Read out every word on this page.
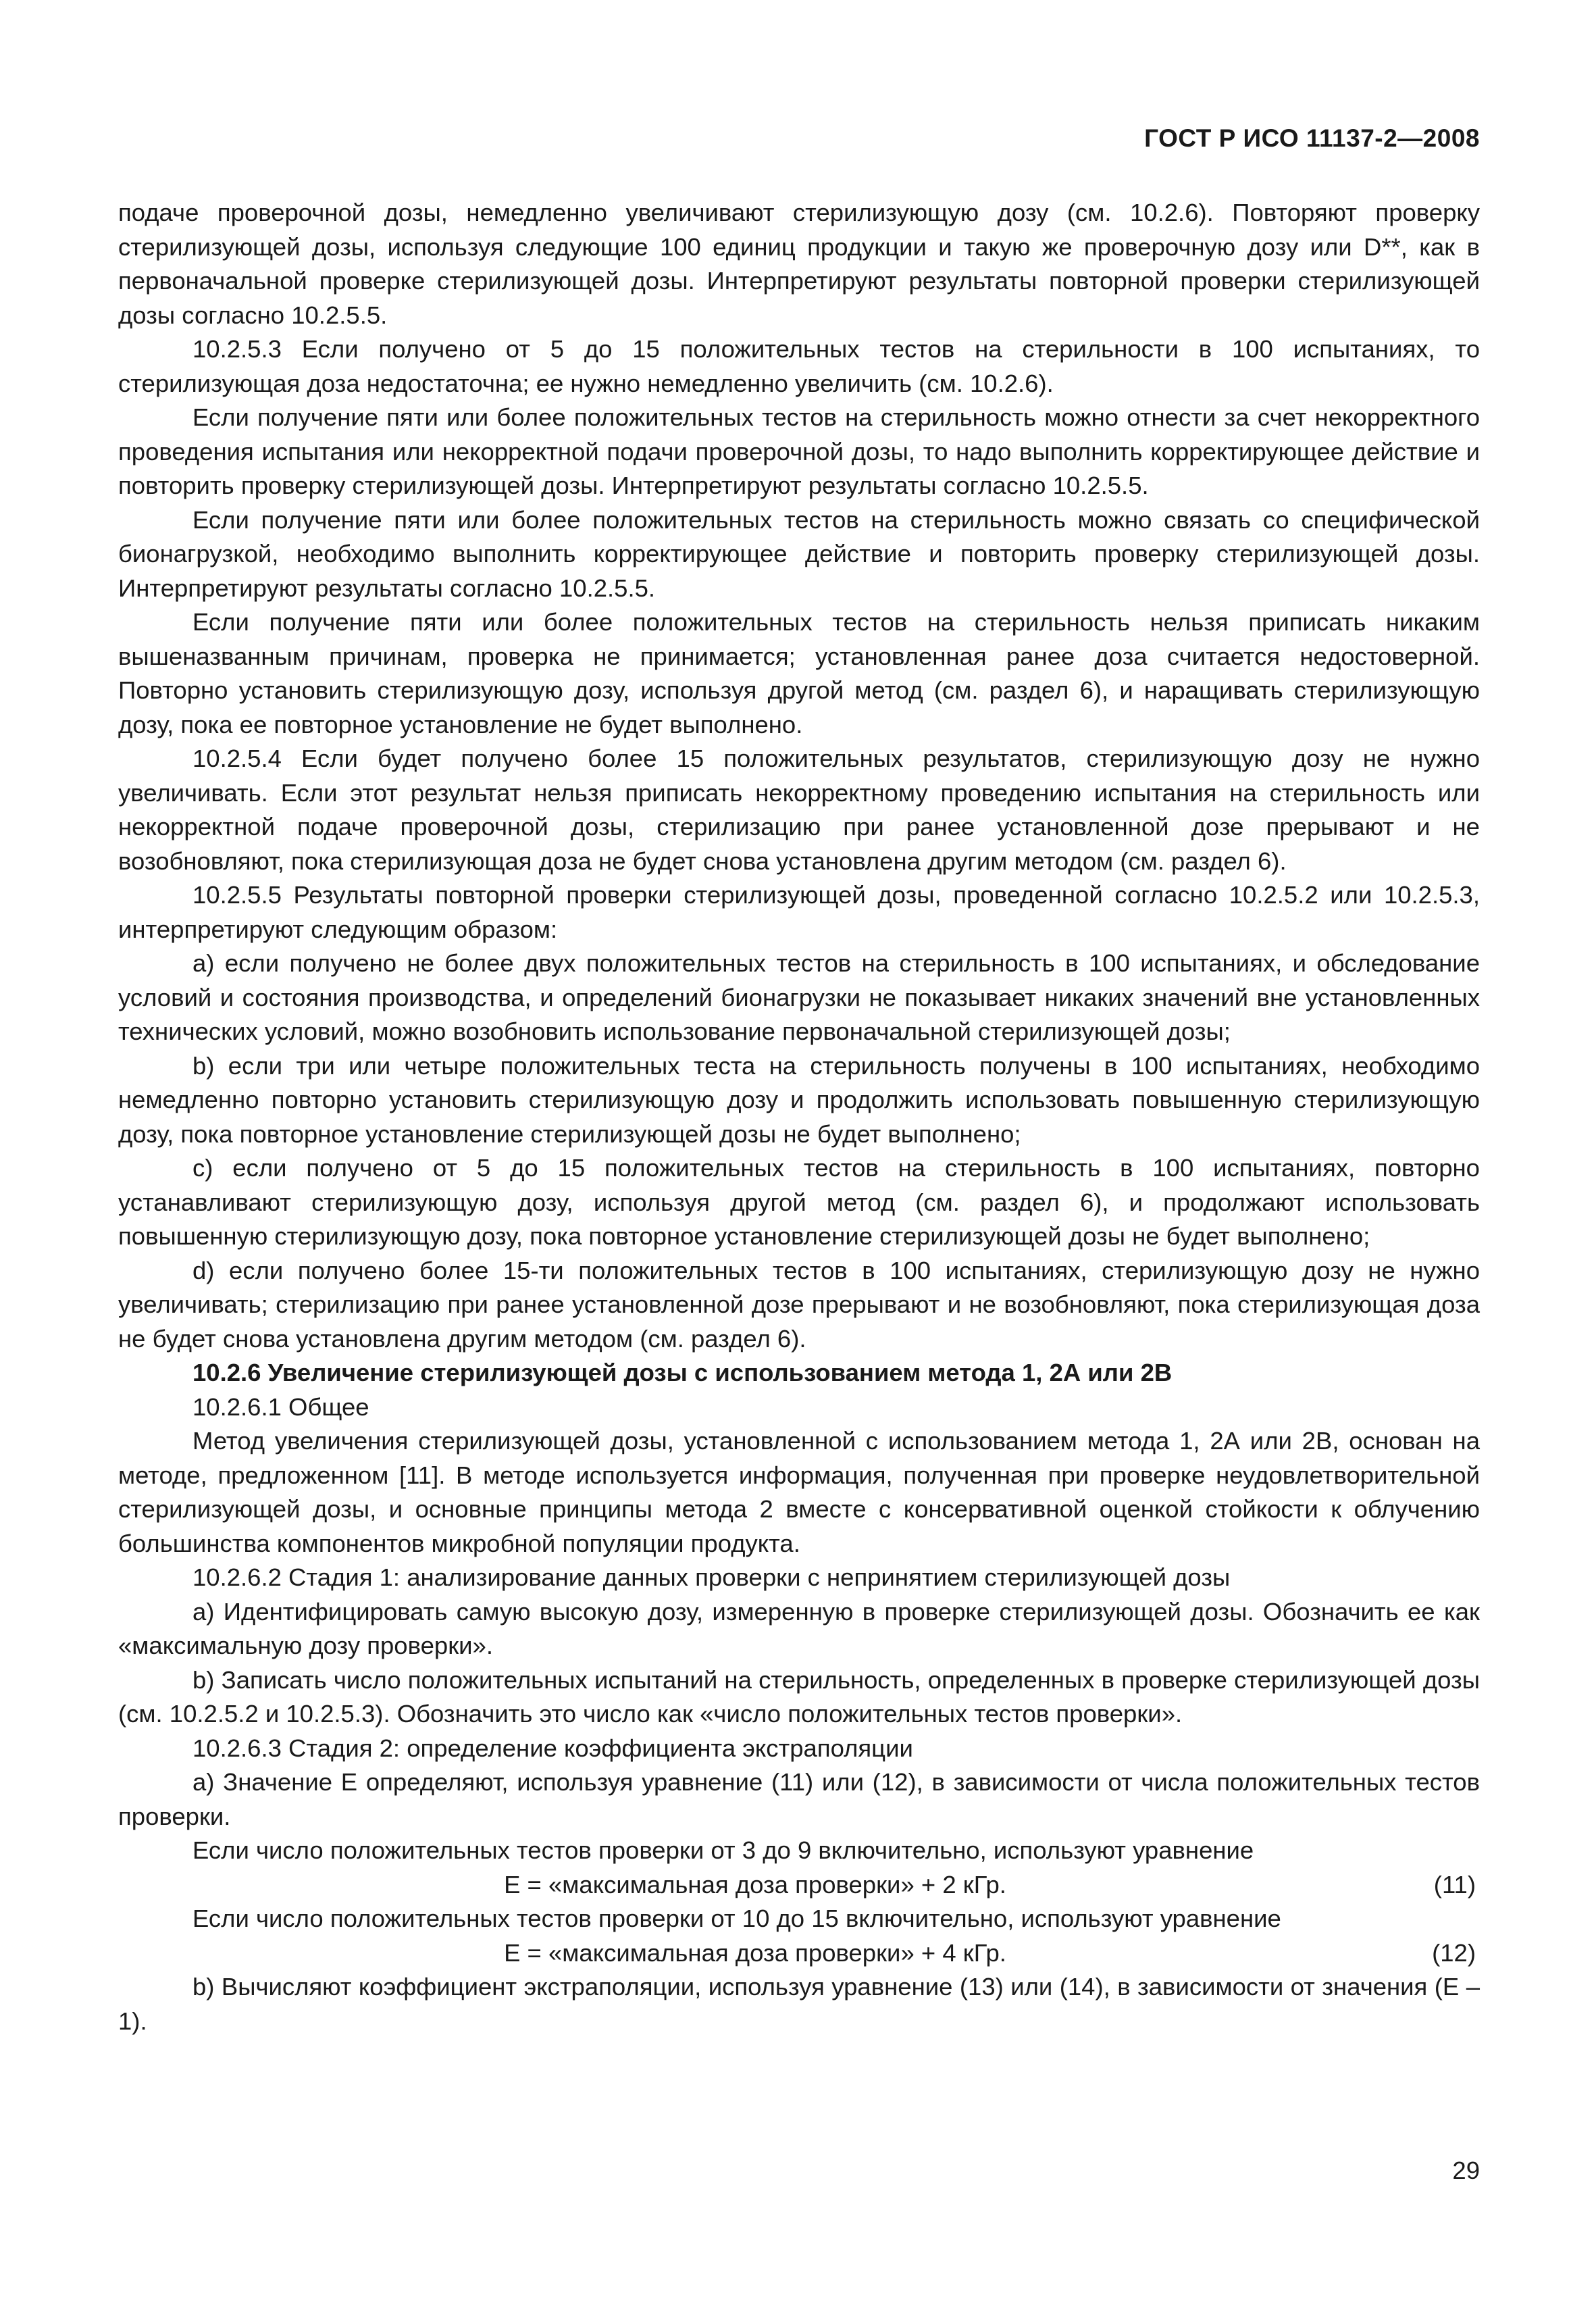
ГОСТ Р ИСО 11137-2—2008

подаче проверочной дозы, немедленно увеличивают стерилизующую дозу (см. 10.2.6). Повторяют проверку стерилизующей дозы, используя следующие 100 единиц продукции и такую же проверочную дозу или D**, как в первоначальной проверке стерилизующей дозы. Интерпретируют результаты повторной проверки стерилизующей дозы согласно 10.2.5.5.

10.2.5.3 Если получено от 5 до 15 положительных тестов на стерильности в 100 испытаниях, то стерилизующая доза недостаточна; ее нужно немедленно увеличить (см. 10.2.6).

Если получение пяти или более положительных тестов на стерильность можно отнести за счет некорректного проведения испытания или некорректной подачи проверочной дозы, то надо выполнить корректирующее действие и повторить проверку стерилизующей дозы. Интерпретируют результаты согласно 10.2.5.5.

Если получение пяти или более положительных тестов на стерильность можно связать со специфической бионагрузкой, необходимо выполнить корректирующее действие и повторить проверку стерилизующей дозы. Интерпретируют результаты согласно 10.2.5.5.

Если получение пяти или более положительных тестов на стерильность нельзя приписать никаким вышеназванным причинам, проверка не принимается; установленная ранее доза считается недостоверной. Повторно установить стерилизующую дозу, используя другой метод (см. раздел 6), и наращивать стерилизующую дозу, пока ее повторное установление не будет выполнено.

10.2.5.4 Если будет получено более 15 положительных результатов, стерилизующую дозу не нужно увеличивать. Если этот результат нельзя приписать некорректному проведению испытания на стерильность или некорректной подаче проверочной дозы, стерилизацию при ранее установленной дозе прерывают и не возобновляют, пока стерилизующая доза не будет снова установлена другим методом (см. раздел 6).

10.2.5.5 Результаты повторной проверки стерилизующей дозы, проведенной согласно 10.2.5.2 или 10.2.5.3, интерпретируют следующим образом:

a) если получено не более двух положительных тестов на стерильность в 100 испытаниях, и обследование условий и состояния производства, и определений бионагрузки не показывает никаких значений вне установленных технических условий, можно возобновить использование первоначальной стерилизующей дозы;

b) если три или четыре положительных теста на стерильность получены в 100 испытаниях, необходимо немедленно повторно установить стерилизующую дозу и продолжить использовать повышенную стерилизующую дозу, пока повторное установление стерилизующей дозы не будет выполнено;

c) если получено от 5 до 15 положительных тестов на стерильность в 100 испытаниях, повторно устанавливают стерилизующую дозу, используя другой метод (см. раздел 6), и продолжают использовать повышенную стерилизующую дозу, пока повторное установление стерилизующей дозы не будет выполнено;

d) если получено более 15-ти положительных тестов в 100 испытаниях, стерилизующую дозу не нужно увеличивать; стерилизацию при ранее установленной дозе прерывают и не возобновляют, пока стерилизующая доза не будет снова установлена другим методом (см. раздел 6).

10.2.6 Увеличение стерилизующей дозы с использованием метода 1, 2А или 2В

10.2.6.1 Общее

Метод увеличения стерилизующей дозы, установленной с использованием метода 1, 2А или 2В, основан на методе, предложенном [11]. В методе используется информация, полученная при проверке неудовлетворительной стерилизующей дозы, и основные принципы метода 2 вместе с консервативной оценкой стойкости к облучению большинства компонентов микробной популяции продукта.

10.2.6.2 Стадия 1: анализирование данных проверки с непринятием стерилизующей дозы

a) Идентифицировать самую высокую дозу, измеренную в проверке стерилизующей дозы. Обозначить ее как «максимальную дозу проверки».

b) Записать число положительных испытаний на стерильность, определенных в проверке стерилизующей дозы (см. 10.2.5.2 и 10.2.5.3). Обозначить это число как «число положительных тестов проверки».

10.2.6.3 Стадия 2: определение коэффициента экстраполяции

a) Значение E определяют, используя уравнение (11) или (12), в зависимости от числа положительных тестов проверки.

Если число положительных тестов проверки от 3 до 9 включительно, используют уравнение

E = «максимальная доза проверки» + 2 кГр.	(11)

Если число положительных тестов проверки от 10 до 15 включительно, используют уравнение

E = «максимальная доза проверки» + 4 кГр.	(12)

b) Вычисляют коэффициент экстраполяции, используя уравнение (13) или (14), в зависимости от значения (E – 1).

29
